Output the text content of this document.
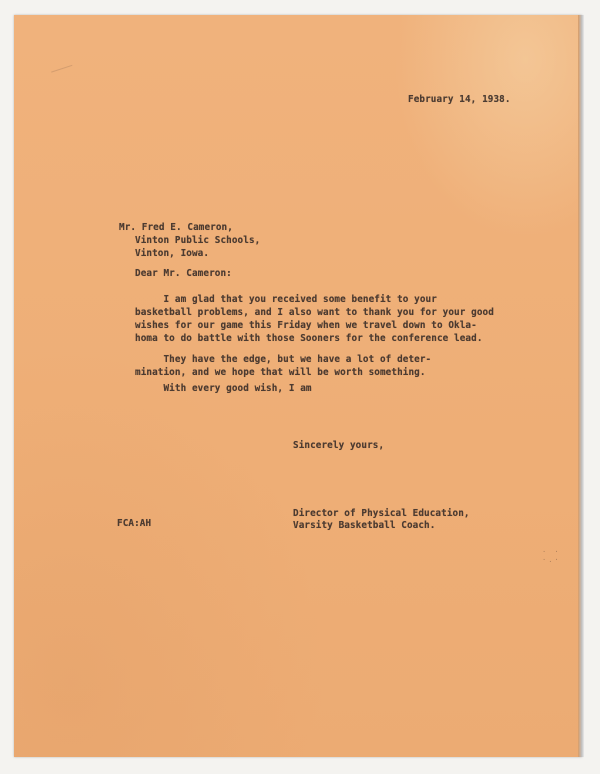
· ·
·.·
February 14, 1938.
Mr. Fred E. Cameron,
Vinton Public Schools,
Vinton, Iowa.
Dear Mr. Cameron:
I am glad that you received some benefit to your
basketball problems, and I also want to thank you for your good
wishes for our game this Friday when we travel down to Okla-
homa to do battle with those Sooners for the conference lead.
They have the edge, but we have a lot of deter-
mination, and we hope that will be worth something.
With every good wish, I am
Sincerely yours,
Director of Physical Education,
Varsity Basketball Coach.
FCA:AH
